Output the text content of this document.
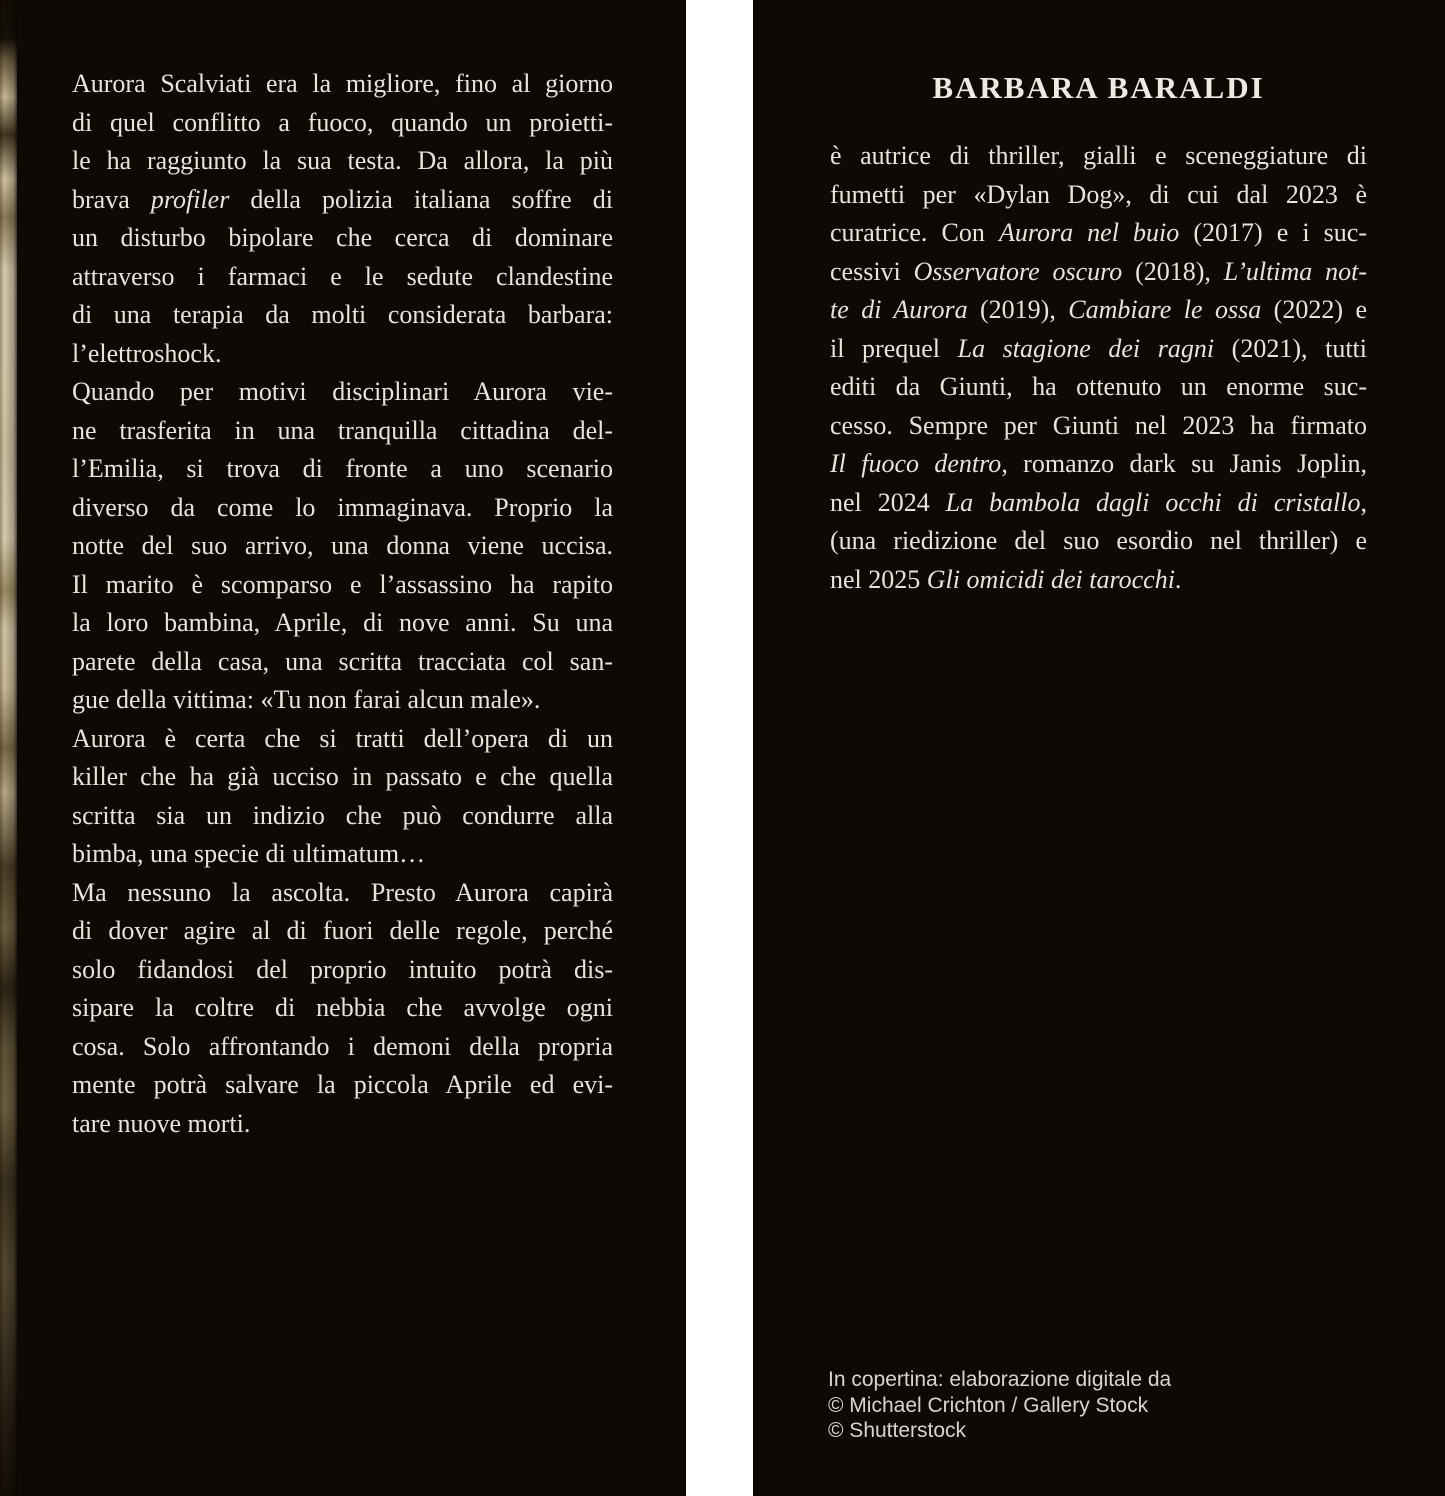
Aurora Scalviati era la migliore, fino al giorno
di quel conflitto a fuoco, quando un proietti-
le ha raggiunto la sua testa. Da allora, la più
brava profiler della polizia italiana soffre di
un disturbo bipolare che cerca di dominare
attraverso i farmaci e le sedute clandestine
di una terapia da molti considerata barbara:
l’elettroshock.
Quando per motivi disciplinari Aurora vie-
ne trasferita in una tranquilla cittadina del-
l’Emilia, si trova di fronte a uno scenario
diverso da come lo immaginava. Proprio la
notte del suo arrivo, una donna viene uccisa.
Il marito è scomparso e l’assassino ha rapito
la loro bambina, Aprile, di nove anni. Su una
parete della casa, una scritta tracciata col san-
gue della vittima: «Tu non farai alcun male».
Aurora è certa che si tratti dell’opera di un
killer che ha già ucciso in passato e che quella
scritta sia un indizio che può condurre alla
bimba, una specie di ultimatum…
Ma nessuno la ascolta. Presto Aurora capirà
di dover agire al di fuori delle regole, perché
solo fidandosi del proprio intuito potrà dis-
sipare la coltre di nebbia che avvolge ogni
cosa. Solo affrontando i demoni della propria
mente potrà salvare la piccola Aprile ed evi-
tare nuove morti.
BARBARA BARALDI
è autrice di thriller, gialli e sceneggiature di
fumetti per «Dylan Dog», di cui dal 2023 è
curatrice. Con Aurora nel buio (2017) e i suc-
cessivi Osservatore oscuro (2018), L’ultima not-
te di Aurora (2019), Cambiare le ossa (2022) e
il prequel La stagione dei ragni (2021), tutti
editi da Giunti, ha ottenuto un enorme suc-
cesso. Sempre per Giunti nel 2023 ha firmato
Il fuoco dentro, romanzo dark su Janis Joplin,
nel 2024 La bambola dagli occhi di cristallo,
(una riedizione del suo esordio nel thriller) e
nel 2025 Gli omicidi dei tarocchi.
In copertina: elaborazione digitale da
© Michael Crichton / Gallery Stock
© Shutterstock
